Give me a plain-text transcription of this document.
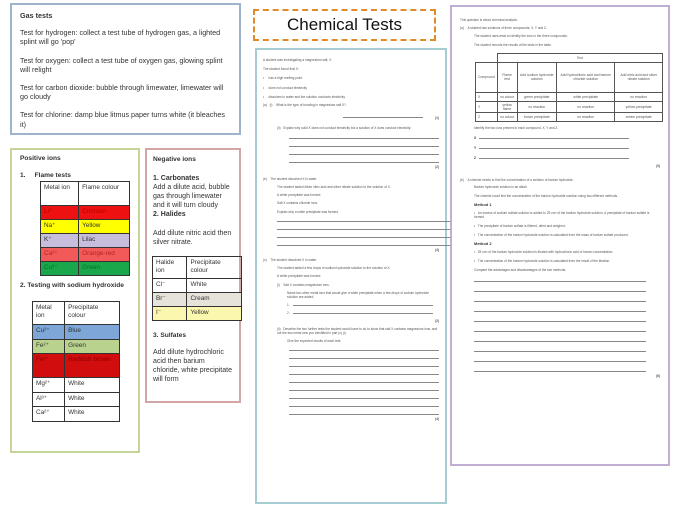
Gas tests

Test for hydrogen: collect a test tube of hydrogen gas, a lighted splint will go 'pop'

Test for oxygen: collect a test tube of oxygen gas, glowing splint will relight

Test for carbon dioxide: bubble through limewater, limewater will go cloudy

Test for chlorine: damp blue litmus paper turns white (it bleaches it)

Chemical Tests
Positive ions
1.     Flame tests
Metal ion	Flame colour
Li⁺	Crimson
Na⁺	Yellow
K⁺	Lilac
Ca²⁺	Orange-red
Cu²⁺	Green
2. Testing with sodium hydroxide
Metal ion	Precipitate colour
Cu²⁺	Blue
Fe²⁺	Green
Fe³⁺	Reddish brown
Mg²⁺	White
Al³⁺	White
Ca²⁺	White
Negative ions
1. Carbonates
Add a dilute acid, bubble gas through limewater and it will turn cloudy
2. Halides
Add dilute nitric acid then silver nitrate.
Halide ion	Precipitate colour
Cl⁻	White
Br⁻	Cream
I⁻	Yellow
3. Sulfates
Add dilute hydrochloric acid then barium chloride, white precipitate will form
A student was investigating a magnesium salt, X.
The student found that X:
•     has a high melting point
•     does not conduct electricity
•     dissolves in water and the solution conducts electricity.
(a) (i) What is the type of bonding in magnesium salt X?
(1)
(ii) Explain why solid X does not conduct electricity but a solution of X does conduct electricity.
(2)
(b) The student dissolved X in water.
The student added dilute nitric acid and silver nitrate solution to the solution of X.
A white precipitate was formed.
Salt X contains chloride ions.
Explain why a white precipitate was formed.
(4)
(c) The student dissolved X in water.
The student added a few drops of sodium hydroxide solution to the solution of X.
A white precipitate was formed.
(i) Salt X contains magnesium ions.
Name two other metal ions that would give a white precipitate when a few drops of sodium hydroxide solution are added.
1.
2.
(2)
(ii) Describe the two further tests the student would have to do to show that salt X contains magnesium ions, and not the two metal ions you identified in part (c) (i).
Give the expected results of each test.
(4)
This question is about chemical analysis.
(a) A student has solutions of three compounds, X, Y and Z.
The student uses tests to identify the ions in the three compounds.
The student records the results of the tests in the table.
	Test			
Compound	Flame test	Add sodium hydroxide solution	Add hydrochloric acid and barium chloride solution	Add nitric acid and silver nitrate solution
X	no colour	green precipitate	white precipitate	no reaction
Y	yellow flame	no reaction	no reaction	yellow precipitate
Z	no colour	brown precipitate	no reaction	cream precipitate
Identify the two ions present in each compound, X, Y and Z.
X
Y
Z
(3)
(b) A chemist needs to find the concentration of a solution of barium hydroxide.
Barium hydroxide solution is an alkali.
The chemist could find the concentration of the barium hydroxide solution using two different methods.
Method 1
•   An excess of sodium sulfate solution is added to 25 cm³ of the barium hydroxide solution. A precipitate of barium sulfate is formed.
•   The precipitate of barium sulfate is filtered, dried and weighed.
•   The concentration of the barium hydroxide solution is calculated from the mass of barium sulfate produced.
Method 2
•   25 cm³ of the barium hydroxide solution is titrated with hydrochloric acid of known concentration.
•   The concentration of the barium hydroxide solution is calculated from the result of the titration.
Compare the advantages and disadvantages of the two methods.
(6)
